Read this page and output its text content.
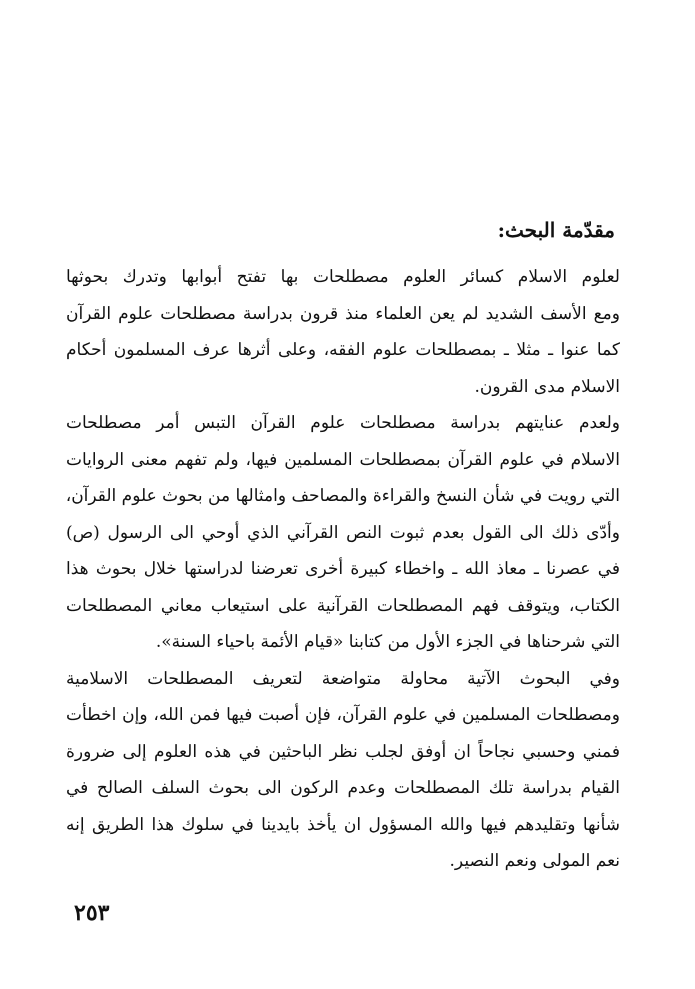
مقدّمة البحث:
لعلوم الاسلام كسائر العلوم مصطلحات بها تفتح أبوابها وتدرك بحوثها
ومع الأسف الشديد لم يعن العلماء منذ قرون بدراسة مصطلحات علوم القرآن
كما عنوا ـ مثلا ـ بمصطلحات علوم الفقه، وعلى أثرها عرف المسلمون أحكام
الاسلام مدى القرون.
ولعدم عنايتهم بدراسة مصطلحات علوم القرآن التبس أمر مصطلحات
الاسلام في علوم القرآن بمصطلحات المسلمين فيها، ولم تفهم معنى الروايات
التي رويت في شأن النسخ والقراءة والمصاحف وامثالها من بحوث علوم القرآن،
وأدّى ذلك الى القول بعدم ثبوت النص القرآني الذي أوحي الى الرسول (ص)
في عصرنا ـ معاذ الله ـ واخطاء كبيرة أخرى تعرضنا لدراستها خلال بحوث هذا
الكتاب، ويتوقف فهم المصطلحات القرآنية على استيعاب معاني المصطلحات
التي شرحناها في الجزء الأول من كتابنا «قيام الأئمة باحياء السنة».
وفي البحوث الآتية محاولة متواضعة لتعريف المصطلحات الاسلامية
ومصطلحات المسلمين في علوم القرآن، فإن أصبت فيها فمن الله، وإن اخطأت
فمني وحسبي نجاحاً ان أوفق لجلب نظر الباحثين في هذه العلوم إلى ضرورة
القيام بدراسة تلك المصطلحات وعدم الركون الى بحوث السلف الصالح في
شأنها وتقليدهم فيها والله المسؤول ان يأخذ بايدينا في سلوك هذا الطريق إنه
نعم المولى ونعم النصير.
٢٥٣
